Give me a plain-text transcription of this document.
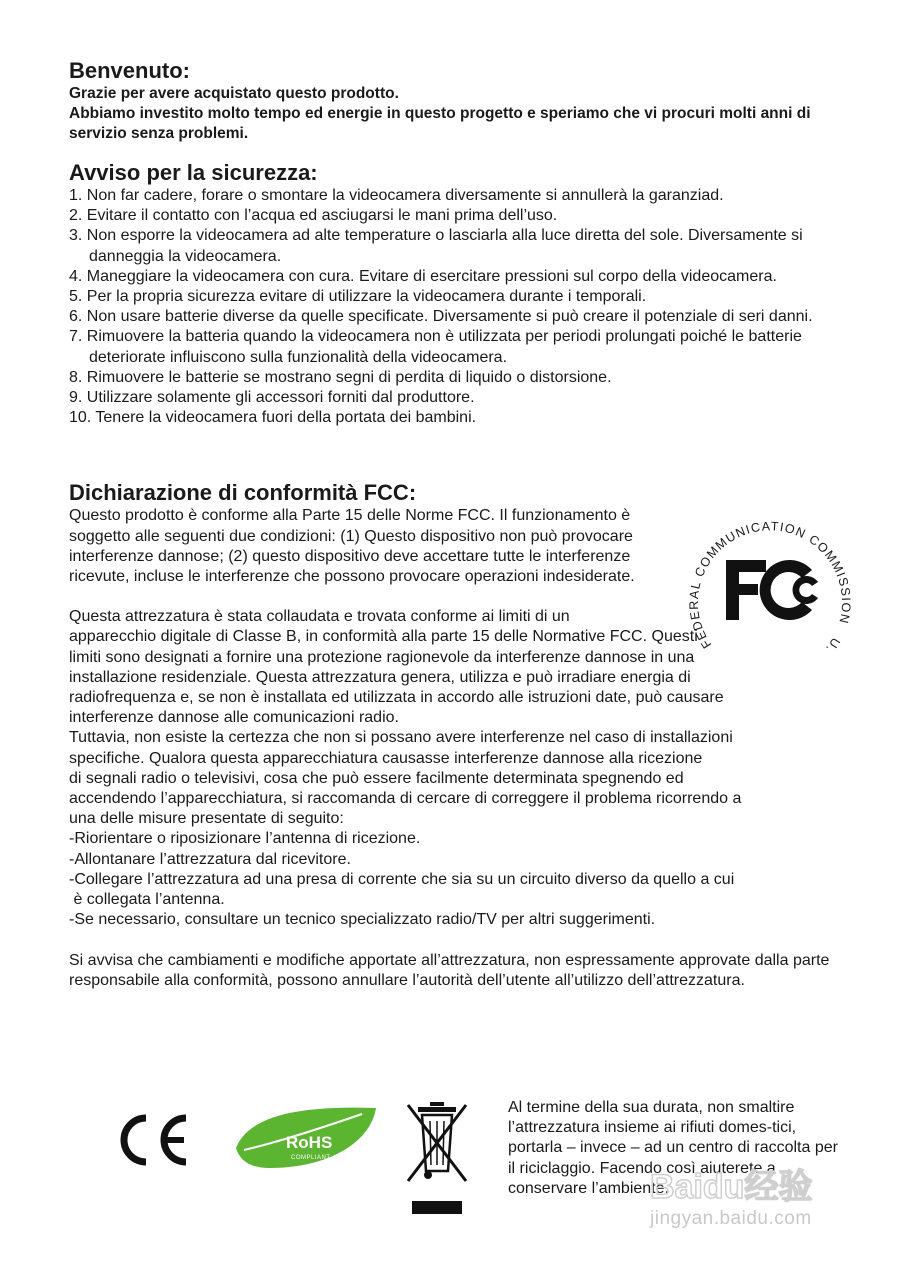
Benvenuto:

Grazie per avere acquistato questo prodotto.

Abbiamo investito molto tempo ed energie in questo progetto e speriamo che vi procuri molti anni di servizio senza problemi.

Avviso per la sicurezza:
1. Non far cadere, forare o smontare la videocamera diversamente si annullerà la garanziad.
2. Evitare il contatto con l’acqua ed asciugarsi le mani prima dell’uso.
3. Non esporre la videocamera ad alte temperature o lasciarla alla luce diretta del sole. Diversamente si danneggia la videocamera.
4. Maneggiare la videocamera con cura. Evitare di esercitare pressioni sul corpo della videocamera.
5. Per la propria sicurezza evitare di utilizzare la videocamera durante i temporali.
6. Non usare batterie diverse da quelle specificate. Diversamente si può creare il potenziale di seri danni.
7. Rimuovere la batteria quando la videocamera non è utilizzata per periodi prolungati poiché le batterie deteriorate influiscono sulla funzionalità della videocamera.
8. Rimuovere le batterie se mostrano segni di perdita di liquido o distorsione.
9. Utilizzare solamente gli accessori forniti dal produttore.
10. Tenere la videocamera fuori della portata dei bambini.
Dichiarazione di conformità FCC:

Questo prodotto è conforme alla Parte 15 delle Norme FCC. Il funzionamento è soggetto alle seguenti due condizioni: (1) Questo dispositivo non può provocare interferenze dannose; (2) questo dispositivo deve accettare tutte le interferenze ricevute, incluse le interferenze che possono provocare operazioni indesiderate.

Questa attrezzatura è stata collaudata e trovata conforme ai limiti di un
apparecchio digitale di Classe B, in conformità alla parte 15 delle Normative FCC. Questi
limiti sono designati a fornire una protezione ragionevole da interferenze dannose in una
installazione residenziale. Questa attrezzatura genera, utilizza e può irradiare energia di
radiofrequenza e, se non è installata ed utilizzata in accordo alle istruzioni date, può causare
interferenze dannose alle comunicazioni radio.
Tuttavia, non esiste la certezza che non si possano avere interferenze nel caso di installazioni
specifiche. Qualora questa apparecchiatura causasse interferenze dannose alla ricezione
di segnali radio o televisivi, cosa che può essere facilmente determinata spegnendo ed
accendendo l’apparecchiatura, si raccomanda di cercare di correggere il problema ricorrendo a
una delle misure presentate di seguito:
-Riorientare o riposizionare l’antenna di ricezione.
-Allontanare l’attrezzatura dal ricevitore.
-Collegare l’attrezzatura ad una presa di corrente che sia su un circuito diverso da quello a cui
è collegata l’antenna.
-Se necessario, consultare un tecnico specializzato radio/TV per altri suggerimenti.

Si avvisa che cambiamenti e modifiche apportate all’attrezzatura, non espressamente approvate dalla parte responsabile alla conformità, possono annullare l’autorità dell’utente all’utilizzo dell’attrezzatura.

FEDERAL COMMUNICATION COMMISSION U.
RoHS
COMPLIANT

Al termine della sua durata, non smaltire l’attrezzatura insieme ai rifiuti domes-tici, portarla – invece – ad un centro di raccolta per il riciclaggio. Facendo così aiuterete a conservare l’ambiente.

Baidu经验
jingyan.baidu.com
